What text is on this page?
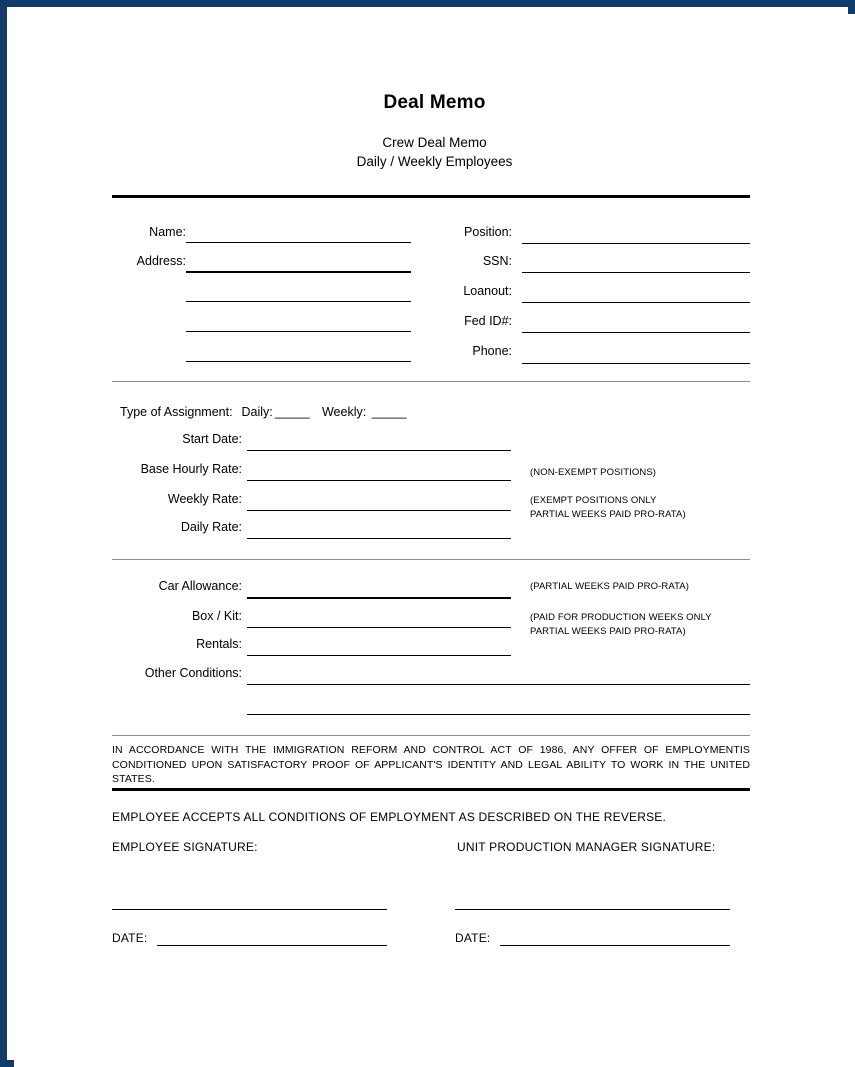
Deal Memo
Crew Deal Memo
Daily / Weekly Employees
Name:
Address:
Position:
SSN:
Loanout:
Fed ID#:
Phone:
Type of Assignment: Daily: _____ Weekly: _____
Start Date:
Base Hourly Rate:	(NON-EXEMPT POSITIONS)
Weekly Rate:	(EXEMPT POSITIONS ONLY
PARTIAL WEEKS PAID PRO-RATA)
Daily Rate:
Car Allowance:	(PARTIAL WEEKS PAID PRO-RATA)
Box / Kit:	(PAID FOR PRODUCTION WEEKS ONLY
PARTIAL WEEKS PAID PRO-RATA)
Rentals:
Other Conditions:
IN ACCORDANCE WITH THE IMMIGRATION REFORM AND CONTROL ACT OF 1986, ANY OFFER OF EMPLOYMENTIS CONDITIONED UPON SATISFACTORY PROOF OF APPLICANT'S IDENTITY AND LEGAL ABILITY TO WORK IN THE UNITED STATES.
EMPLOYEE ACCEPTS ALL CONDITIONS OF EMPLOYMENT AS DESCRIBED ON THE REVERSE.
EMPLOYEE SIGNATURE:	UNIT PRODUCTION MANAGER SIGNATURE:
DATE:	DATE:
